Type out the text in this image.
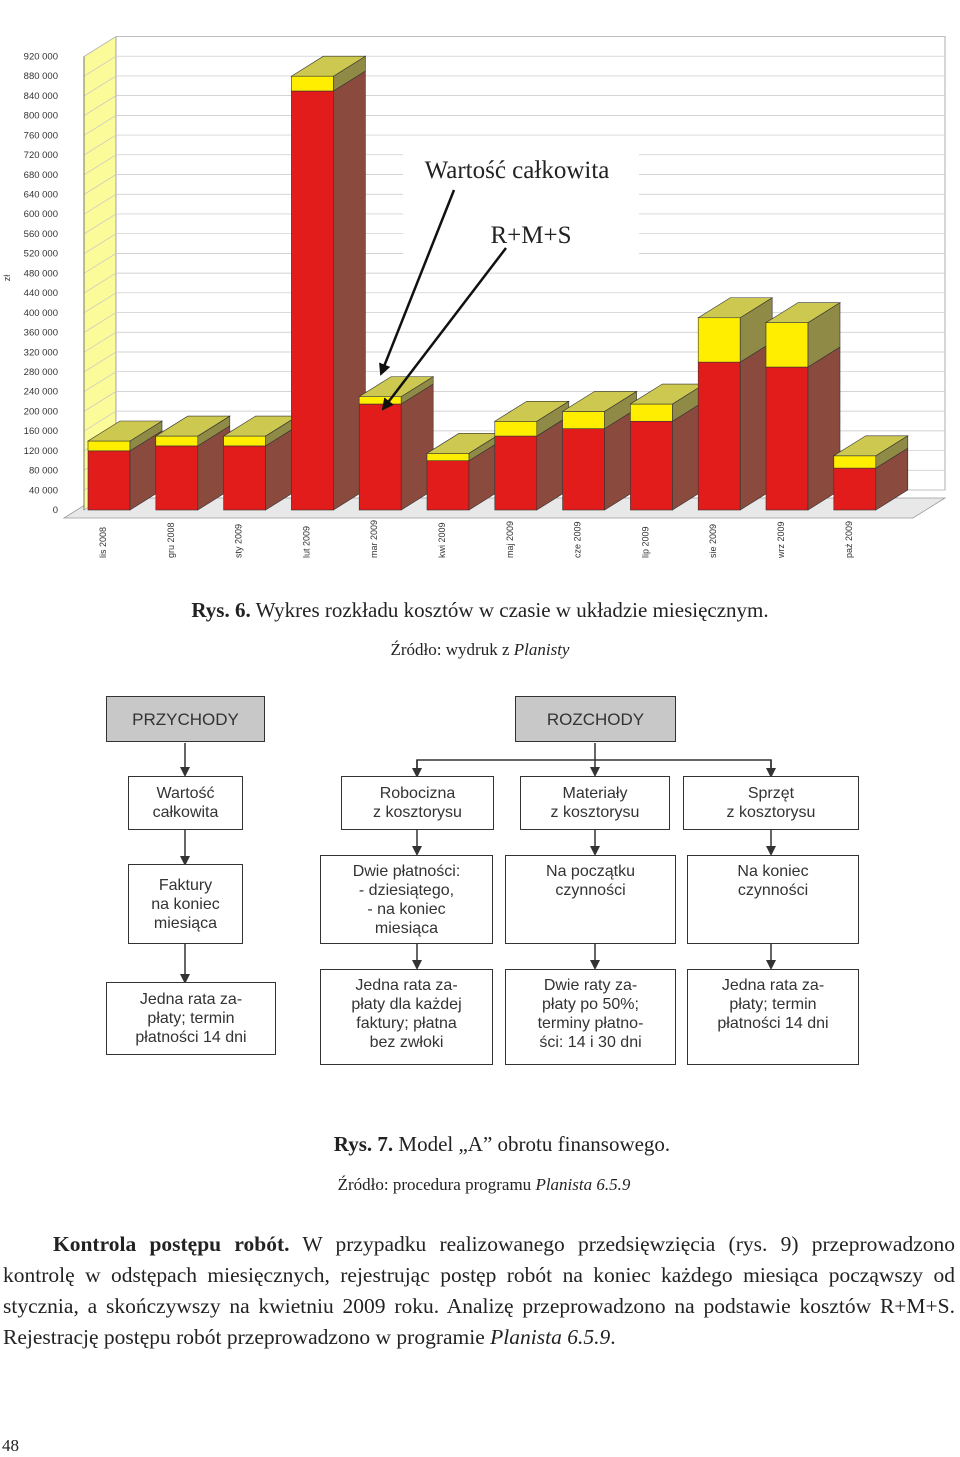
0
40 000
80 000
120 000
160 000
200 000
240 000
280 000
320 000
360 000
400 000
440 000
480 000
520 000
560 000
600 000
640 000
680 000
720 000
760 000
800 000
840 000
880 000
920 000
lis 2008	gru 2008	sty 2009	lut 2009	mar 2009	kwi 2009	maj 2009	cze 2009	lip 2009	sie 2009	wrz 2009	paź 2009
zł
Wartość całkowita
R+M+S
Rys. 6. Wykres rozkładu kosztów w czasie w układzie miesięcznym.
Źródło: wydruk z Planisty
PRZYCHODY	ROZCHODY
Wartość
całkowita
Robocizna
z kosztorysu
Materiały
z kosztorysu
Sprzęt
z kosztorysu
Faktury
na koniec
miesiąca
Dwie płatności:
- dziesiątego,
- na koniec
miesiąca
Na początku
czynności
Na koniec
czynności
Jedna rata za-
płaty; termin
płatności 14 dni
Jedna rata za-
płaty dla każdej
faktury; płatna
bez zwłoki
Dwie raty za-
płaty po 50%;
terminy płatno-
ści: 14 i 30 dni
Jedna rata za-
płaty; termin
płatności 14 dni
Rys. 7. Model „A” obrotu finansowego.
Źródło: procedura programu Planista 6.5.9
Kontrola postępu robót. W przypadku realizowanego przedsięwzięcia (rys. 9) przeprowadzono kontrolę w odstępach miesięcznych, rejestrując postęp robót na koniec każdego miesiąca począwszy od stycznia, a skończywszy na kwietniu 2009 roku. Analizę przeprowadzono na podstawie kosztów R+M+S. Rejestrację postępu robót przeprowadzono w programie Planista 6.5.9.
48
